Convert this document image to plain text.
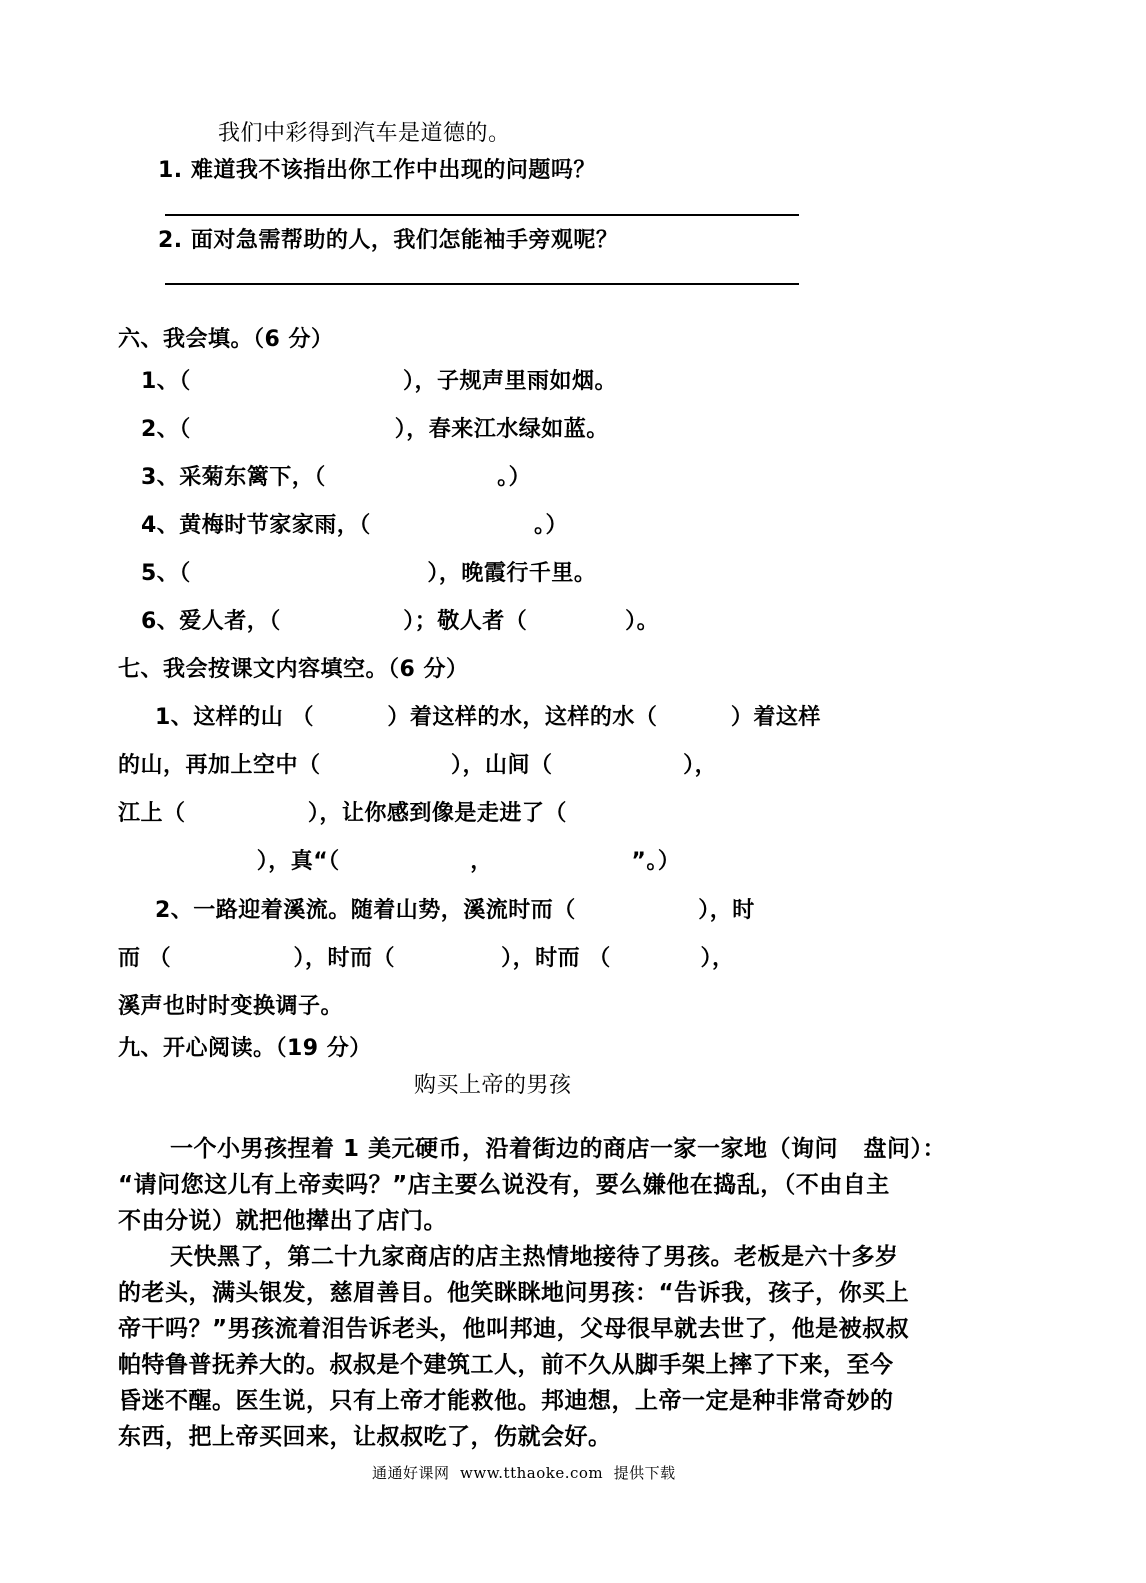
我们中彩得到汽车是道德的。
1. 难道我不该指出你工作中出现的问题吗？
2. 面对急需帮助的人，我们怎能袖手旁观呢？
六、我会填。（6 分）
1、（                          ），子规声里雨如烟。
2、（                         ），春来江水绿如蓝。
3、采菊东篱下，（                     。）
4、黄梅时节家家雨，（                    。）
5、（                             ），晚霞行千里。
6、爱人者，（               ）；敬人者（            ）。
七、我会按课文内容填空。（6 分）
1、这样的山 （         ）着这样的水，这样的水（         ）着这样
的山，再加上空中（                ），山间（                ），
江上（               ），让你感到像是走进了（
），真“（                ，                 ”。）
2、一路迎着溪流。随着山势，溪流时而（               ），时
而 （               ），时而（             ），时而 （           ），
溪声也时时变换调子。
九、开心阅读。（19 分）
购买上帝的男孩
一个小男孩捏着 1 美元硬币，沿着街边的商店一家一家地（询问   盘问）：
“请问您这儿有上帝卖吗？”店主要么说没有，要么嫌他在捣乱，（不由自主
不由分说）就把他撵出了店门。
天快黑了，第二十九家商店的店主热情地接待了男孩。老板是六十多岁
的老头，满头银发，慈眉善目。他笑眯眯地问男孩：“告诉我，孩子，你买上
帝干吗？”男孩流着泪告诉老头，他叫邦迪，父母很早就去世了，他是被叔叔
帕特鲁普抚养大的。叔叔是个建筑工人，前不久从脚手架上摔了下来，至今
昏迷不醒。医生说，只有上帝才能救他。邦迪想，上帝一定是种非常奇妙的
东西，把上帝买回来，让叔叔吃了，伤就会好。
通通好课网  www.tthaoke.com  提供下载
